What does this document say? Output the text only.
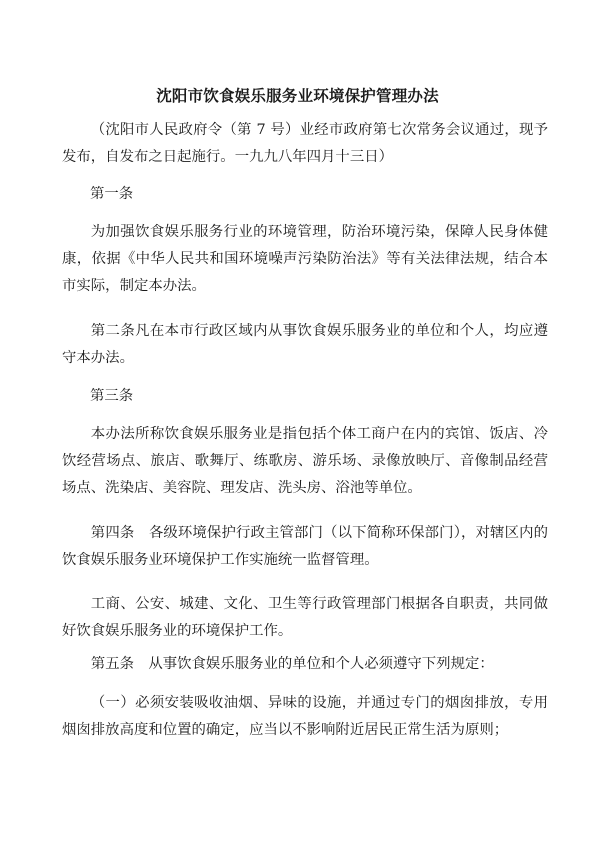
沈阳市饮食娱乐服务业环境保护管理办法

（沈阳市人民政府令（第 7 号）业经市政府第七次常务会议通过，现予发布，自发布之日起施行。一九九八年四月十三日）

第一条

为加强饮食娱乐服务行业的环境管理，防治环境污染，保障人民身体健康，依据《中华人民共和国环境噪声污染防治法》等有关法律法规，结合本市实际，制定本办法。

第二条凡在本市行政区域内从事饮食娱乐服务业的单位和个人，均应遵守本办法。

第三条

本办法所称饮食娱乐服务业是指包括个体工商户在内的宾馆、饭店、冷饮经营场点、旅店、歌舞厅、练歌房、游乐场、录像放映厅、音像制品经营场点、洗染店、美容院、理发店、洗头房、浴池等单位。

第四条　各级环境保护行政主管部门（以下简称环保部门），对辖区内的饮食娱乐服务业环境保护工作实施统一监督管理。

工商、公安、城建、文化、卫生等行政管理部门根据各自职责，共同做好饮食娱乐服务业的环境保护工作。

第五条　从事饮食娱乐服务业的单位和个人必须遵守下列规定：

（一）必须安装吸收油烟、异味的设施，并通过专门的烟囱排放，专用烟囱排放高度和位置的确定，应当以不影响附近居民正常生活为原则；
